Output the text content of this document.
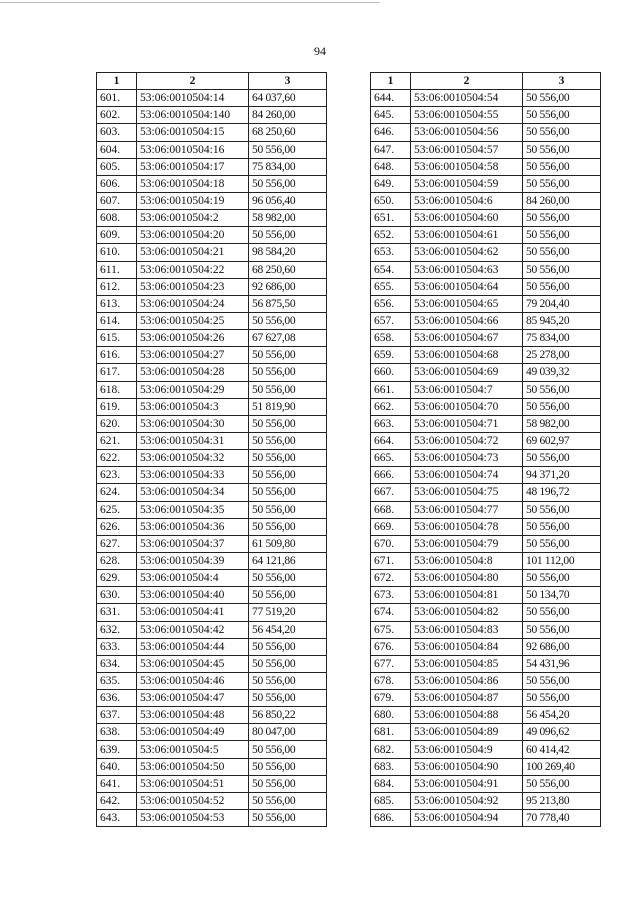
94
1	2	3
601.	53:06:0010504:14	64 037,60
602.	53:06:0010504:140	84 260,00
603.	53:06:0010504:15	68 250,60
604.	53:06:0010504:16	50 556,00
605.	53:06:0010504:17	75 834,00
606.	53:06:0010504:18	50 556,00
607.	53:06:0010504:19	96 056,40
608.	53:06:0010504:2	58 982,00
609.	53:06:0010504:20	50 556,00
610.	53:06:0010504:21	98 584,20
611.	53:06:0010504:22	68 250,60
612.	53:06:0010504:23	92 686,00
613.	53:06:0010504:24	56 875,50
614.	53:06:0010504:25	50 556,00
615.	53:06:0010504:26	67 627,08
616.	53:06:0010504:27	50 556,00
617.	53:06:0010504:28	50 556,00
618.	53:06:0010504:29	50 556,00
619.	53:06:0010504:3	51 819,90
620.	53:06:0010504:30	50 556,00
621.	53:06:0010504:31	50 556,00
622.	53:06:0010504:32	50 556,00
623.	53:06:0010504:33	50 556,00
624.	53:06:0010504:34	50 556,00
625.	53:06:0010504:35	50 556,00
626.	53:06:0010504:36	50 556,00
627.	53:06:0010504:37	61 509,80
628.	53:06:0010504:39	64 121,86
629.	53:06:0010504:4	50 556,00
630.	53:06:0010504:40	50 556,00
631.	53:06:0010504:41	77 519,20
632.	53:06:0010504:42	56 454,20
633.	53:06:0010504:44	50 556,00
634.	53:06:0010504:45	50 556,00
635.	53:06:0010504:46	50 556,00
636.	53:06:0010504:47	50 556,00
637.	53:06:0010504:48	56 850,22
638.	53:06:0010504:49	80 047,00
639.	53:06:0010504:5	50 556,00
640.	53:06:0010504:50	50 556,00
641.	53:06:0010504:51	50 556,00
642.	53:06:0010504:52	50 556,00
643.	53:06:0010504:53	50 556,00
1	2	3
644.	53:06:0010504:54	50 556,00
645.	53:06:0010504:55	50 556,00
646.	53:06:0010504:56	50 556,00
647.	53:06:0010504:57	50 556,00
648.	53:06:0010504:58	50 556,00
649.	53:06:0010504:59	50 556,00
650.	53:06:0010504:6	84 260,00
651.	53:06:0010504:60	50 556,00
652.	53:06:0010504:61	50 556,00
653.	53:06:0010504:62	50 556,00
654.	53:06:0010504:63	50 556,00
655.	53:06:0010504:64	50 556,00
656.	53:06:0010504:65	79 204,40
657.	53:06:0010504:66	85 945,20
658.	53:06:0010504:67	75 834,00
659.	53:06:0010504:68	25 278,00
660.	53:06:0010504:69	49 039,32
661.	53:06:0010504:7	50 556,00
662.	53:06:0010504:70	50 556,00
663.	53:06:0010504:71	58 982,00
664.	53:06:0010504:72	69 602,97
665.	53:06:0010504:73	50 556,00
666.	53:06:0010504:74	94 371,20
667.	53:06:0010504:75	48 196,72
668.	53:06:0010504:77	50 556,00
669.	53:06:0010504:78	50 556,00
670.	53:06:0010504:79	50 556,00
671.	53:06:0010504:8	101 112,00
672.	53:06:0010504:80	50 556,00
673.	53:06:0010504:81	50 134,70
674.	53:06:0010504:82	50 556,00
675.	53:06:0010504:83	50 556,00
676.	53:06:0010504:84	92 686,00
677.	53:06:0010504:85	54 431,96
678.	53:06:0010504:86	50 556,00
679.	53:06:0010504:87	50 556,00
680.	53:06:0010504:88	56 454,20
681.	53:06:0010504:89	49 096,62
682.	53:06:0010504:9	60 414,42
683.	53:06:0010504:90	100 269,40
684.	53:06:0010504:91	50 556,00
685.	53:06:0010504:92	95 213,80
686.	53:06:0010504:94	70 778,40
